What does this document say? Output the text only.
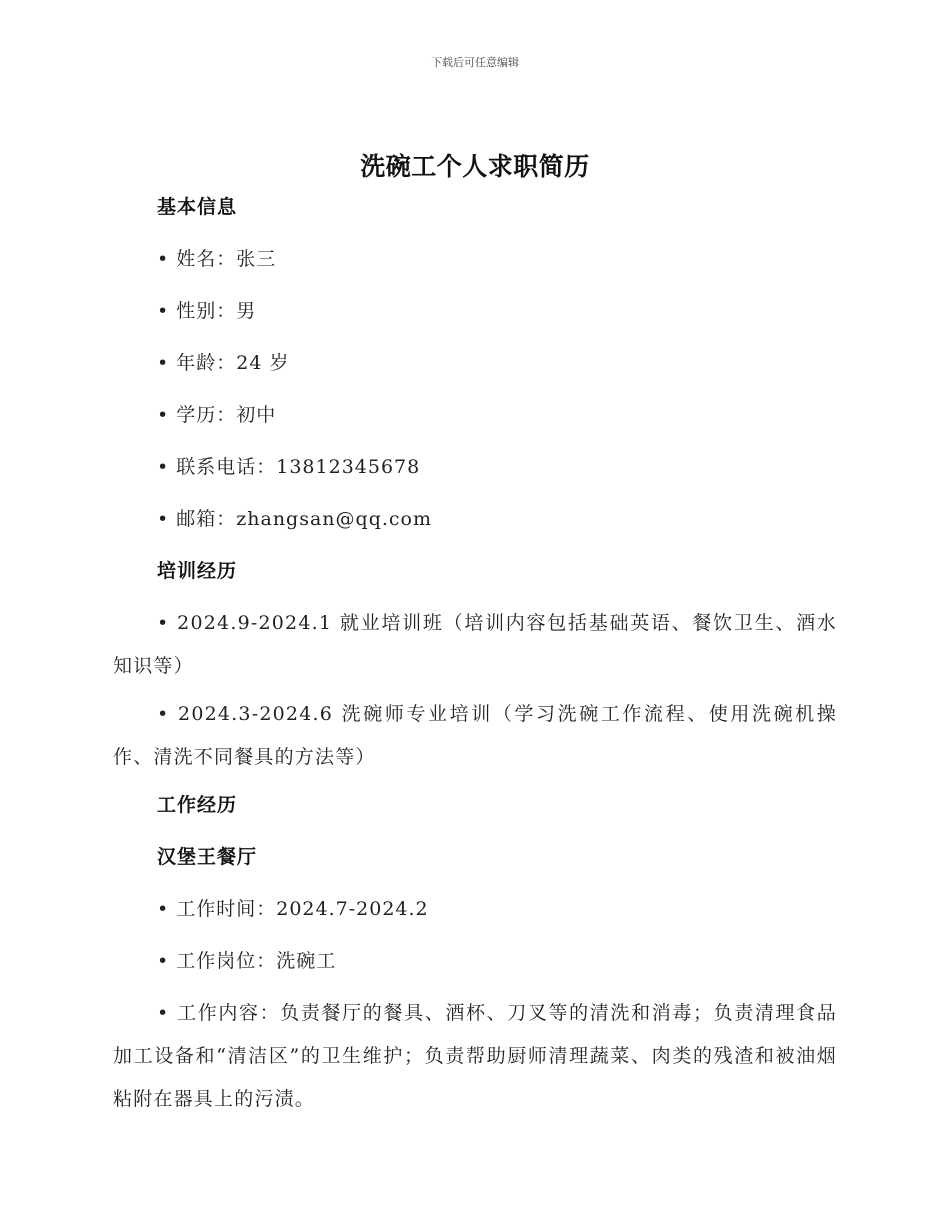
下载后可任意编辑
洗碗工个人求职简历
基本信息
• 姓名：张三
• 性别：男
• 年龄：24 岁
• 学历：初中
• 联系电话：13812345678
• 邮箱：zhangsan@qq.com
培训经历
• 2024.9-2024.1 就业培训班（培训内容包括基础英语、餐饮卫生、酒水知识等）
• 2024.3-2024.6 洗碗师专业培训（学习洗碗工作流程、使用洗碗机操作、清洗不同餐具的方法等）
工作经历
汉堡王餐厅
• 工作时间：2024.7-2024.2
• 工作岗位：洗碗工
• 工作内容：负责餐厅的餐具、酒杯、刀叉等的清洗和消毒；负责清理食品加工设备和“清洁区”的卫生维护；负责帮助厨师清理蔬菜、肉类的残渣和被油烟粘附在器具上的污渍。
